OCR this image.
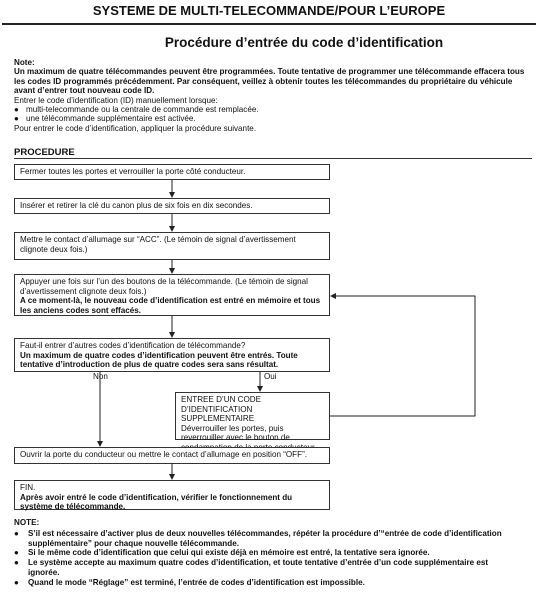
SYSTEME DE MULTI-TELECOMMANDE/POUR L’EUROPE
Procédure d’entrée du code d’identification
Note:
Un maximum de quatre télécommandes peuvent être programmées. Toute tentative de programmer une télécommande effacera tous les codes ID programmés précédemment. Par conséquent, veillez à obtenir toutes les télécommandes du propriétaire du véhicule avant d’entrer tout nouveau code ID.
Entrer le code d’identification (ID) manuellement lorsque:
● multi-telecommande ou la centrale de commande est remplacée.
● une télécommande supplémentaire est activée.
Pour entrer le code d’identification, appliquer la procédure suivante.
PROCEDURE
Fermer toutes les portes et verrouiller la porte côté conducteur.
Insérer et retirer la clé du canon plus de six fois en dix secondes.
Mettre le contact d’allumage sur “ACC”. (Le témoin de signal d’avertissement clignote deux fois.)
Appuyer une fois sur l’un des boutons de la télécommande. (Le témoin de signal d’avertissement clignote deux fois.)
A ce moment-là, le nouveau code d’identification est entré en mémoire et tous les anciens codes sont effacés.
Faut-il entrer d’autres codes d’identification de télécommande?
Un maximum de quatre codes d’identification peuvent être entrés. Toute tentative d’introduction de plus de quatre codes sera sans résultat.
Non	Oui
ENTREE D’UN CODE D’IDENTIFICATION SUPPLEMENTAIRE
Déverrouiller les portes, puis reverrouiller avec le bouton de
Ouvrir la porte du conducteur ou mettre le contact d’allumage en position “OFF”.
FIN.
Après avoir entré le code d’identification, vérifier le fonctionnement du système de télécommande.
NOTE:
● S’il est nécessaire d’activer plus de deux nouvelles télécommandes, répéter la procédure d’“entrée de code d’identification supplémentaire” pour chaque nouvelle télécommande.
● Si le même code d’identification que celui qui existe déjà en mémoire est entré, la tentative sera ignorée.
● Le système accepte au maximum quatre codes d’identification, et toute tentative d’entrée d’un code supplémentaire est ignorée.
● Quand le mode “Réglage” est terminé, l’entrée de codes d’identification est impossible.
